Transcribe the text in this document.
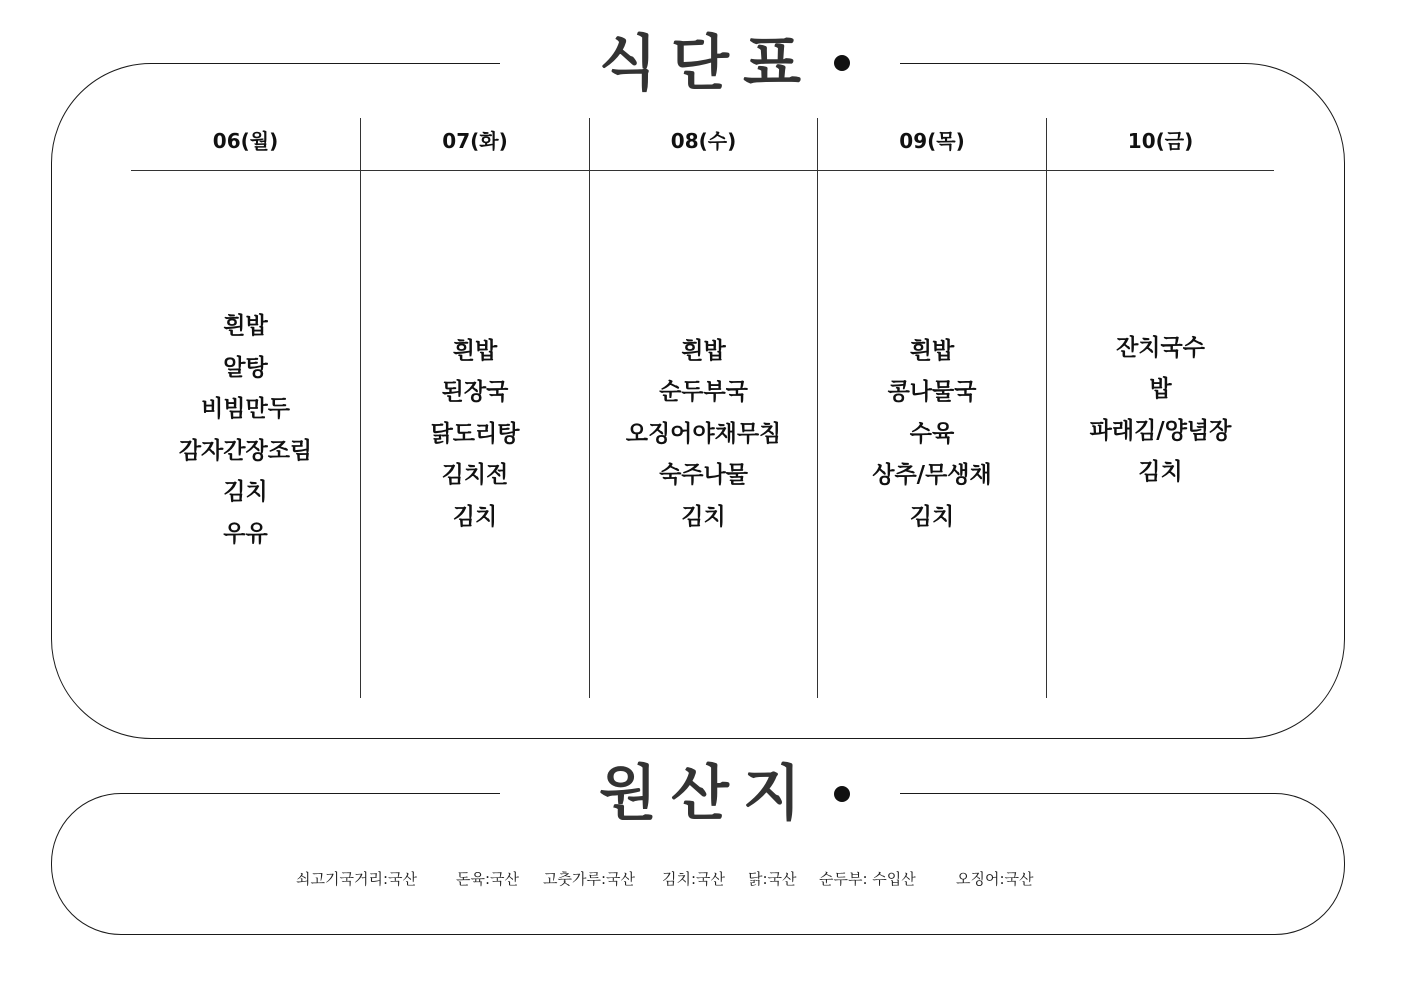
식단표
06(월)
흰밥
알탕
비빔만두
감자간장조림
김치
우유
07(화)
흰밥
된장국
닭도리탕
김치전
김치
08(수)
흰밥
순두부국
오징어야채무침
숙주나물
김치
09(목)
흰밥
콩나물국
수육
상추/무생채
김치
10(금)
잔치국수
밥
파래김/양념장
김치
원산지
쇠고기국거리:국산	돈육:국산 고춧가루:국산 김치:국산 닭:국산 순두부: 수입산	오징어:국산
